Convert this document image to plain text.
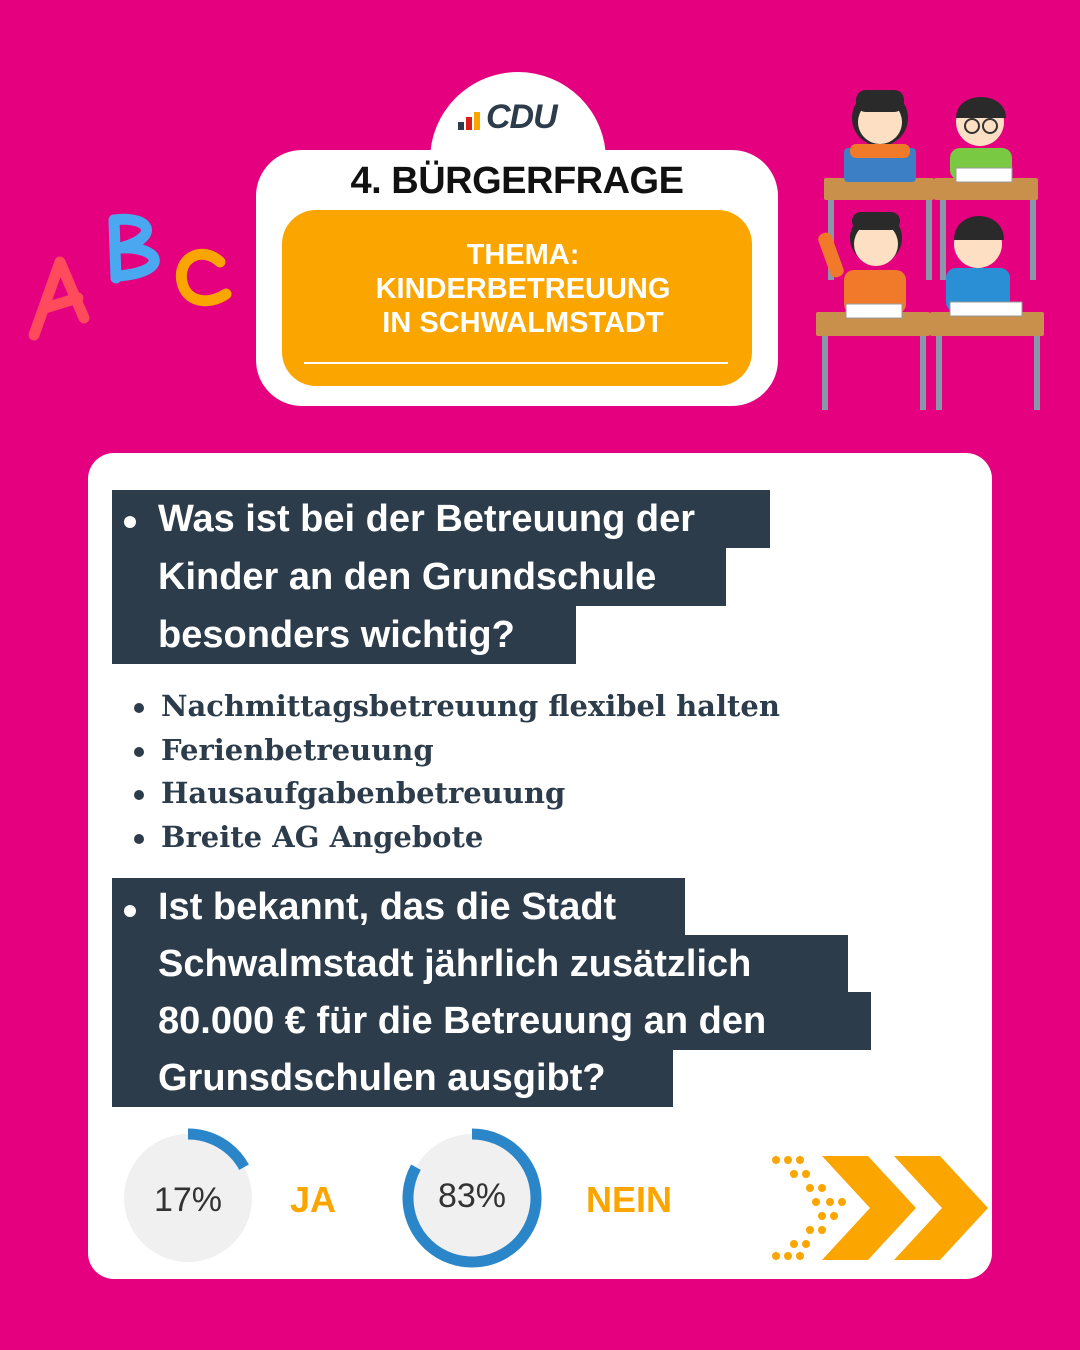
CDU
4. BÜRGERFRAGE
THEMA:
KINDERBETREUUNG
IN SCHWALMSTADT
Was ist bei der Betreuung der
Kinder an den Grundschule
besonders wichtig?
Nachmittagsbetreuung flexibel halten
Ferienbetreuung
Hausaufgabenbetreuung
Breite AG Angebote
Ist bekannt, das die Stadt
Schwalmstadt jährlich zusätzlich
80.000 € für die Betreuung an den
Grunsdschulen ausgibt?
17%	JA	83%	NEIN
